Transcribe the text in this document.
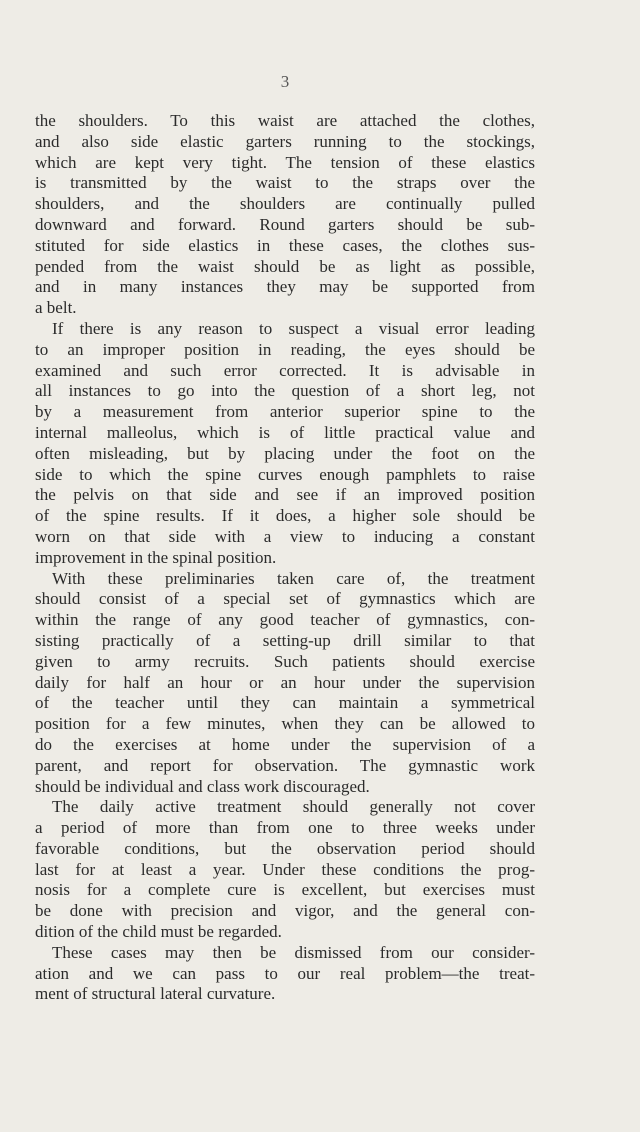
3
the shoulders. To this waist are attached the clothes,
and also side elastic garters running to the stockings,
which are kept very tight. The tension of these elastics
is transmitted by the waist to the straps over the
shoulders, and the shoulders are continually pulled
downward and forward. Round garters should be sub-
stituted for side elastics in these cases, the clothes sus-
pended from the waist should be as light as possible,
and in many instances they may be supported from
a belt.
If there is any reason to suspect a visual error leading
to an improper position in reading, the eyes should be
examined and such error corrected. It is advisable in
all instances to go into the question of a short leg, not
by a measurement from anterior superior spine to the
internal malleolus, which is of little practical value and
often misleading, but by placing under the foot on the
side to which the spine curves enough pamphlets to raise
the pelvis on that side and see if an improved position
of the spine results. If it does, a higher sole should be
worn on that side with a view to inducing a constant
improvement in the spinal position.
With these preliminaries taken care of, the treatment
should consist of a special set of gymnastics which are
within the range of any good teacher of gymnastics, con-
sisting practically of a setting-up drill similar to that
given to army recruits. Such patients should exercise
daily for half an hour or an hour under the supervision
of the teacher until they can maintain a symmetrical
position for a few minutes, when they can be allowed to
do the exercises at home under the supervision of a
parent, and report for observation. The gymnastic work
should be individual and class work discouraged.
The daily active treatment should generally not cover
a period of more than from one to three weeks under
favorable conditions, but the observation period should
last for at least a year. Under these conditions the prog-
nosis for a complete cure is excellent, but exercises must
be done with precision and vigor, and the general con-
dition of the child must be regarded.
These cases may then be dismissed from our consider-
ation and we can pass to our real problem—the treat-
ment of structural lateral curvature.
